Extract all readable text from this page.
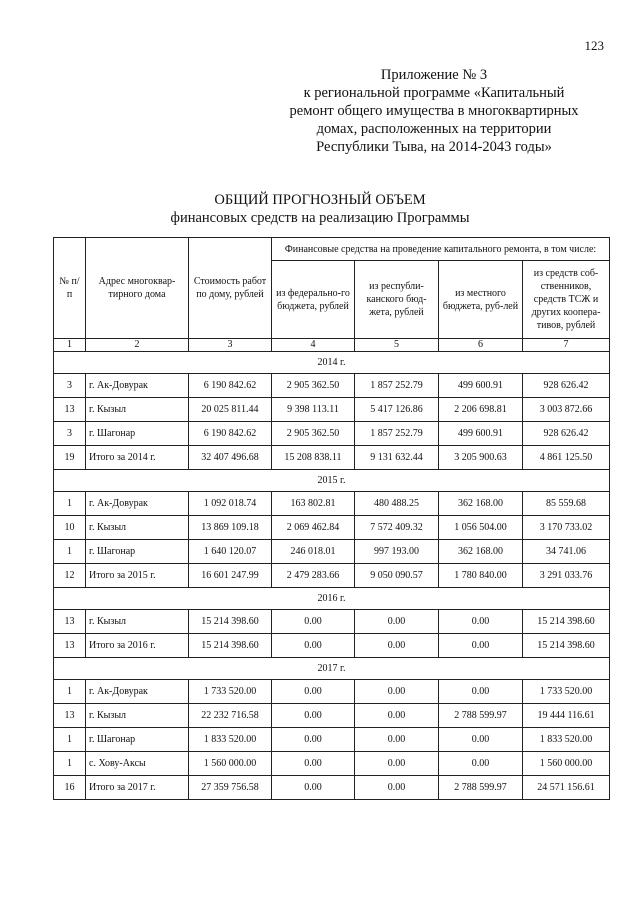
123
Приложение № 3
к региональной программе «Капитальный
ремонт общего имущества в многоквартирных
домах, расположенных на территории
Республики Тыва, на 2014-2043 годы»
ОБЩИЙ ПРОГНОЗНЫЙ ОБЪЕМ
финансовых средств на реализацию Программы
№ п/п	Адрес многоквар-тирного дома	Стоимость работ по дому, рублей	Финансовые средства на проведение капитального ремонта, в том числе:			
			из федерально-го бюджета, рублей	из республи-канского бюд-жета, рублей	из местного бюджета, руб-лей	из средств соб-ственников, средств ТСЖ и других коопера-тивов, рублей
1	2	3	4	5	6	7
2014 г.						
3	г. Ак-Довурак	6 190 842.62	2 905 362.50	1 857 252.79	499 600.91	928 626.42
13	г. Кызыл	20 025 811.44	9 398 113.11	5 417 126.86	2 206 698.81	3 003 872.66
3	г. Шагонар	6 190 842.62	2 905 362.50	1 857 252.79	499 600.91	928 626.42
19	Итого за 2014 г.	32 407 496.68	15 208 838.11	9 131 632.44	3 205 900.63	4 861 125.50
2015 г.						
1	г. Ак-Довурак	1 092 018.74	163 802.81	480 488.25	362 168.00	85 559.68
10	г. Кызыл	13 869 109.18	2 069 462.84	7 572 409.32	1 056 504.00	3 170 733.02
1	г. Шагонар	1 640 120.07	246 018.01	997 193.00	362 168.00	34 741.06
12	Итого за 2015 г.	16 601 247.99	2 479 283.66	9 050 090.57	1 780 840.00	3 291 033.76
2016 г.						
13	г. Кызыл	15 214 398.60	0.00	0.00	0.00	15 214 398.60
13	Итого за 2016 г.	15 214 398.60	0.00	0.00	0.00	15 214 398.60
2017 г.						
1	г. Ак-Довурак	1 733 520.00	0.00	0.00	0.00	1 733 520.00
13	г. Кызыл	22 232 716.58	0.00	0.00	2 788 599.97	19 444 116.61
1	г. Шагонар	1 833 520.00	0.00	0.00	0.00	1 833 520.00
1	с. Хову-Аксы	1 560 000.00	0.00	0.00	0.00	1 560 000.00
16	Итого за 2017 г.	27 359 756.58	0.00	0.00	2 788 599.97	24 571 156.61
